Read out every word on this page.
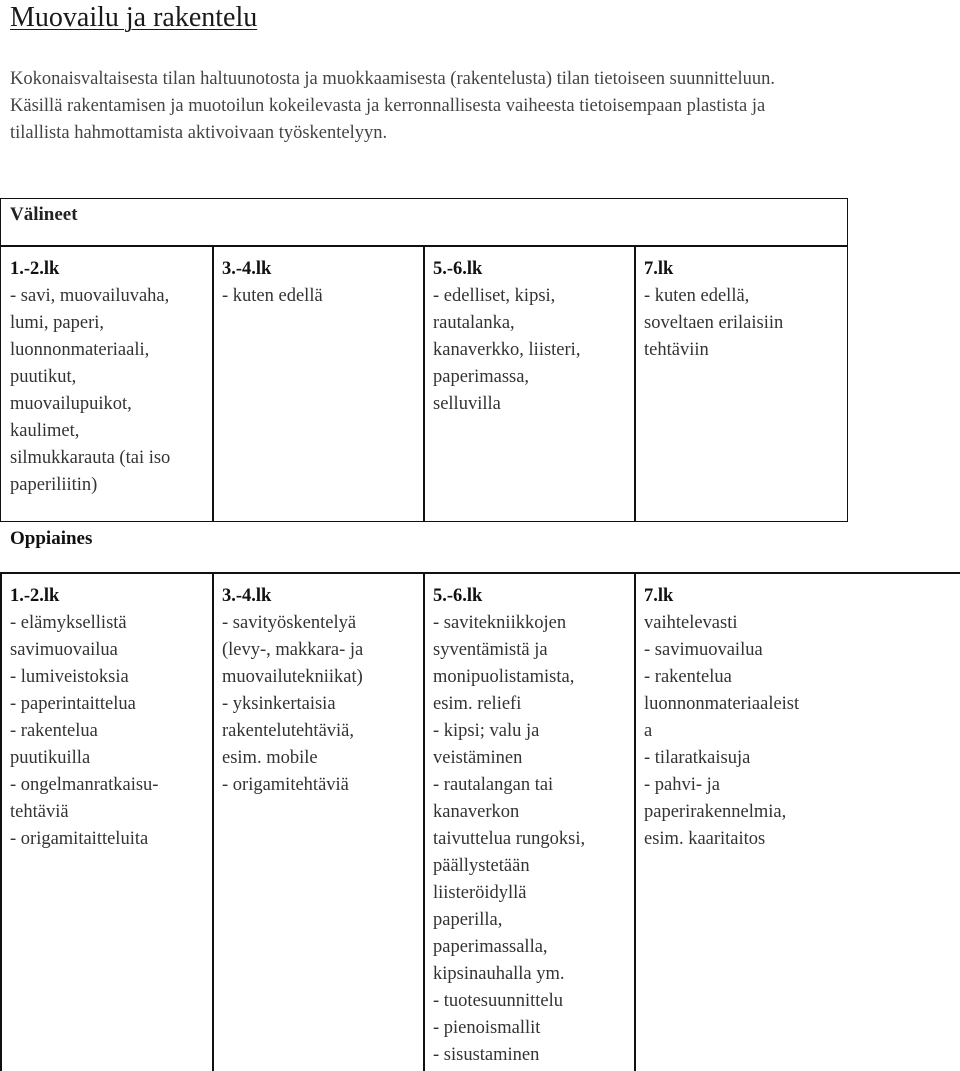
Muovailu ja rakentelu
Kokonaisvaltaisesta tilan haltuunotosta ja muokkaamisesta (rakentelusta) tilan tietoiseen suunnitteluun.
Käsillä rakentamisen ja muotoilun kokeilevasta ja kerronnallisesta vaiheesta tietoisempaan plastista ja
tilallista hahmottamista aktivoivaan työskentelyyn.
Välineet
1.-2.lk
- savi, muovailuvaha,
lumi, paperi,
luonnonmateriaali,
puutikut,
muovailupuikot,
kaulimet,
silmukkarauta (tai iso
paperiliitin)
3.-4.lk
- kuten edellä
5.-6.lk
- edelliset, kipsi,
rautalanka,
kanaverkko, liisteri,
paperimassa,
selluvilla
7.lk
- kuten edellä,
soveltaen erilaisiin
tehtäviin
Oppiaines
1.-2.lk
- elämyksellistä
savimuovailua
- lumiveistoksia
- paperintaittelua
- rakentelua
puutikuilla
- ongelmanratkaisu-
tehtäviä
- origamitaitteluita
3.-4.lk
- savityöskentelyä
(levy-, makkara- ja
muovailutekniikat)
- yksinkertaisia
rakentelutehtäviä,
esim. mobile
- origamitehtäviä
5.-6.lk
- savitekniikkojen
syventämistä ja
monipuolistamista,
esim. reliefi
- kipsi; valu ja
veistäminen
- rautalangan tai
kanaverkon
taivuttelua rungoksi,
päällystetään
liisteröidyllä
paperilla,
paperimassalla,
kipsinauhalla ym.
- tuotesuunnittelu
- pienoismallit
- sisustaminen
7.lk
vaihtelevasti
- savimuovailua
- rakentelua
luonnonmateriaaleist
a
- tilaratkaisuja
- pahvi- ja
paperirakennelmia,
esim. kaaritaitos
